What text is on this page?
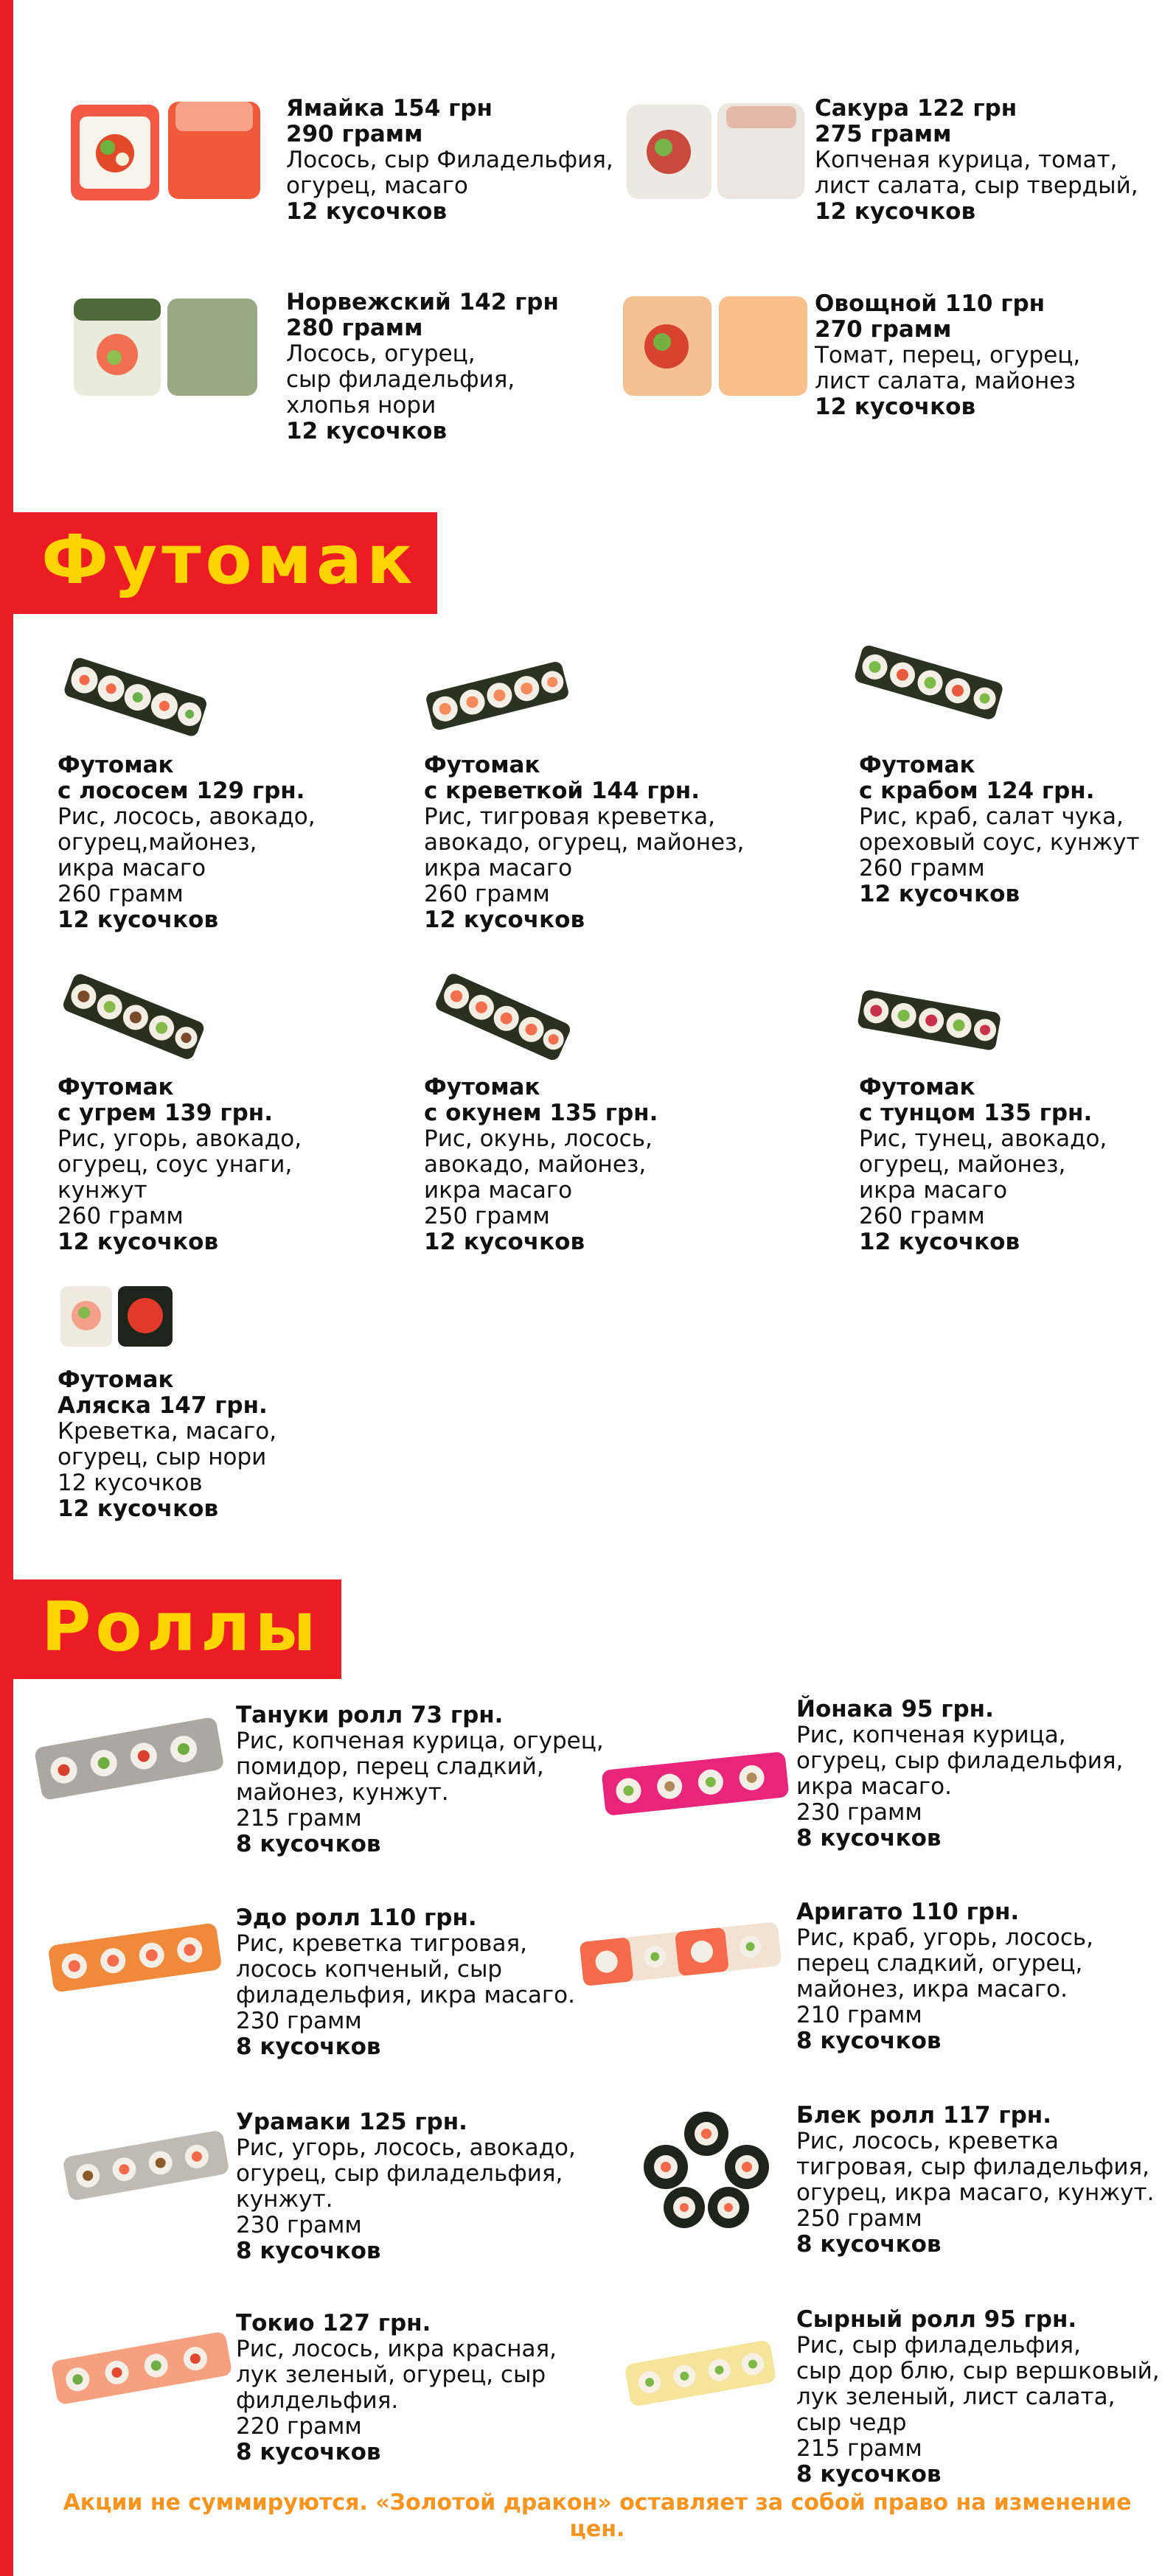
Ямайка 154 грн
290 грамм
Лосось, сыр Филадельфия,
огурец, масаго
12 кусочков
Сакура 122 грн
275 грамм
Копченая курица, томат,
лист салата, сыр твердый,
12 кусочков
Норвежский 142 грн
280 грамм
Лосось, огурец,
сыр филадельфия,
хлопья нори
12 кусочков
Овощной 110 грн
270 грамм
Томат, перец, огурец,
лист салата, майонез
12 кусочков
Футомак
Футомак
с лососем 129 грн.
Рис, лосось, авокадо,
огурец,майонез,
икра масаго
260 грамм
12 кусочков
Футомак
с креветкой 144 грн.
Рис, тигровая креветка,
авокадо, огурец, майонез,
икра масаго
260 грамм
12 кусочков
Футомак
с крабом 124 грн.
Рис, краб, салат чука,
ореховый соус, кунжут
260 грамм
12 кусочков
Футомак
с угрем 139 грн.
Рис, угорь, авокадо,
огурец, соус унаги,
кунжут
260 грамм
12 кусочков
Футомак
с окунем 135 грн.
Рис, окунь, лосось,
авокадо, майонез,
икра масаго
250 грамм
12 кусочков
Футомак
с тунцом 135 грн.
Рис, тунец, авокадо,
огурец, майонез,
икра масаго
260 грамм
12 кусочков
Футомак
Аляска 147 грн.
Креветка, масаго,
огурец, сыр нори
12 кусочков
12 кусочков
Роллы
Тануки ролл 73 грн.
Рис, копченая курица, огурец,
помидор, перец сладкий,
майонез, кунжут.
215 грамм
8 кусочков
Эдо ролл 110 грн.
Рис, креветка тигровая,
лосось копченый, сыр
филадельфия, икра масаго.
230 грамм
8 кусочков
Урамаки 125 грн.
Рис, угорь, лосось, авокадо,
огурец, сыр филадельфия,
кунжут.
230 грамм
8 кусочков
Токио 127 грн.
Рис, лосось, икра красная,
лук зеленый, огурец, сыр
филдельфия.
220 грамм
8 кусочков
Йонака 95 грн.
Рис, копченая курица,
огурец, сыр филадельфия,
икра масаго.
230 грамм
8 кусочков
Аригато 110 грн.
Рис, краб, угорь, лосось,
перец сладкий, огурец,
майонез, икра масаго.
210 грамм
8 кусочков
Блек ролл 117 грн.
Рис, лосось, креветка
тигровая, сыр филадельфия,
огурец, икра масаго, кунжут.
250 грамм
8 кусочков
Сырный ролл 95 грн.
Рис, сыр филадельфия,
сыр дор блю, сыр вершковый,
лук зеленый, лист салата,
сыр чедр
215 грамм
8 кусочков
Акции не суммируются. «Золотой дракон» оставляет за собой право на изменение цен.
